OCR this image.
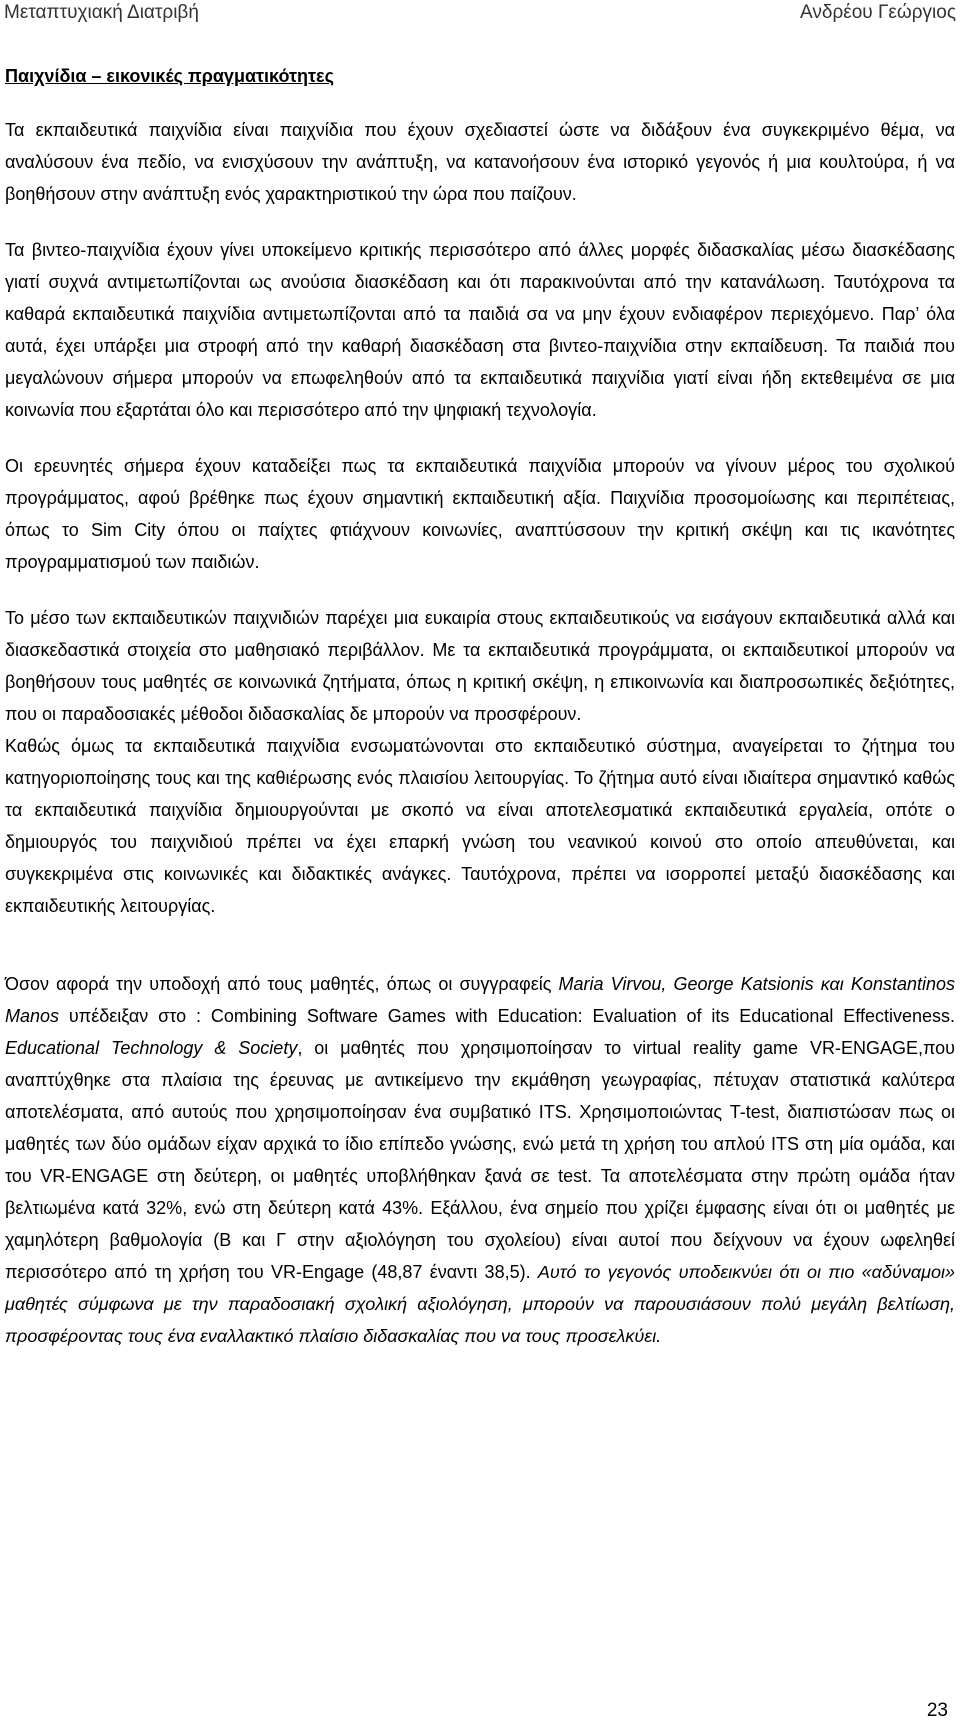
Μεταπτυχιακή Διατριβή	Ανδρέου Γεώργιος
Παιχνίδια – εικονικές πραγματικότητες

Τα εκπαιδευτικά παιχνίδια είναι παιχνίδια που έχουν σχεδιαστεί ώστε να διδάξουν ένα συγκεκριμένο θέμα, να αναλύσουν ένα πεδίο, να ενισχύσουν την ανάπτυξη, να κατανοήσουν ένα ιστορικό γεγονός ή μια κουλτούρα, ή να βοηθήσουν στην ανάπτυξη ενός χαρακτηριστικού την ώρα που παίζουν.

Τα βιντεο-παιχνίδια έχουν γίνει υποκείμενο κριτικής περισσότερο από άλλες μορφές διδασκαλίας μέσω διασκέδασης γιατί συχνά αντιμετωπίζονται ως ανούσια διασκέδαση και ότι παρακινούνται από την κατανάλωση. Ταυτόχρονα τα καθαρά εκπαιδευτικά παιχνίδια αντιμετωπίζονται από τα παιδιά σα να μην έχουν ενδιαφέρον περιεχόμενο. Παρ’ όλα αυτά, έχει υπάρξει μια στροφή από την καθαρή διασκέδαση στα βιντεο-παιχνίδια στην εκπαίδευση. Τα παιδιά που μεγαλώνουν σήμερα μπορούν να επωφεληθούν από τα εκπαιδευτικά παιχνίδια γιατί είναι ήδη εκτεθειμένα σε μια κοινωνία που εξαρτάται όλο και περισσότερο από την ψηφιακή τεχνολογία.

Οι ερευνητές σήμερα έχουν καταδείξει πως τα εκπαιδευτικά παιχνίδια μπορούν να γίνουν μέρος του σχολικού προγράμματος, αφού βρέθηκε πως έχουν σημαντική εκπαιδευτική αξία. Παιχνίδια προσομοίωσης και περιπέτειας, όπως το Sim City όπου οι παίχτες φτιάχνουν κοινωνίες, αναπτύσσουν την κριτική σκέψη και τις ικανότητες προγραμματισμού των παιδιών.

Το μέσο των εκπαιδευτικών παιχνιδιών παρέχει μια ευκαιρία στους εκπαιδευτικούς να εισάγουν εκπαιδευτικά αλλά και διασκεδαστικά στοιχεία στο μαθησιακό περιβάλλον. Με τα εκπαιδευτικά προγράμματα, οι εκπαιδευτικοί μπορούν να βοηθήσουν τους μαθητές σε κοινωνικά ζητήματα, όπως η κριτική σκέψη, η επικοινωνία και διαπροσωπικές δεξιότητες, που οι παραδοσιακές μέθοδοι διδασκαλίας δε μπορούν να προσφέρουν.

Καθώς όμως τα εκπαιδευτικά παιχνίδια ενσωματώνονται στο εκπαιδευτικό σύστημα, αναγείρεται το ζήτημα του κατηγοριοποίησης τους και της καθιέρωσης ενός πλαισίου λειτουργίας. Το ζήτημα αυτό είναι ιδιαίτερα σημαντικό καθώς τα εκπαιδευτικά παιχνίδια δημιουργούνται με σκοπό να είναι αποτελεσματικά εκπαιδευτικά εργαλεία, οπότε ο δημιουργός του παιχνιδιού πρέπει να έχει επαρκή γνώση του νεανικού κοινού στο οποίο απευθύνεται, και συγκεκριμένα στις κοινωνικές και διδακτικές ανάγκες. Ταυτόχρονα, πρέπει να ισορροπεί μεταξύ διασκέδασης και εκπαιδευτικής λειτουργίας.

Όσον αφορά την υποδοχή από τους μαθητές, όπως οι συγγραφείς Maria Virvou, George Katsionis και Konstantinos Manos υπέδειξαν στο : Combining Software Games with Education: Evaluation of its Educational Effectiveness. Educational Technology & Society, οι μαθητές που χρησιμοποίησαν το virtual reality game VR-ENGAGE,που αναπτύχθηκε στα πλαίσια της έρευνας με αντικείμενο την εκμάθηση γεωγραφίας, πέτυχαν στατιστικά καλύτερα αποτελέσματα, από αυτούς που χρησιμοποίησαν ένα συμβατικό ITS. Χρησιμοποιώντας T-test, διαπιστώσαν πως οι μαθητές των δύο ομάδων είχαν αρχικά το ίδιο επίπεδο γνώσης, ενώ μετά τη χρήση του απλού ITS στη μία ομάδα, και του VR-ENGAGE στη δεύτερη, οι μαθητές υποβλήθηκαν ξανά σε test. Τα αποτελέσματα στην πρώτη ομάδα ήταν βελτιωμένα κατά 32%, ενώ στη δεύτερη κατά 43%. Εξάλλου, ένα σημείο που χρίζει έμφασης είναι ότι οι μαθητές με χαμηλότερη βαθμολογία (Β και Γ στην αξιολόγηση του σχολείου) είναι αυτοί που δείχνουν να έχουν ωφεληθεί περισσότερο από τη χρήση του VR-Engage (48,87 έναντι 38,5). Αυτό το γεγονός υποδεικνύει ότι οι πιο «αδύναμοι» μαθητές σύμφωνα με την παραδοσιακή σχολική αξιολόγηση, μπορούν να παρουσιάσουν πολύ μεγάλη βελτίωση, προσφέροντας τους ένα εναλλακτικό πλαίσιο διδασκαλίας που να τους προσελκύει.

23
